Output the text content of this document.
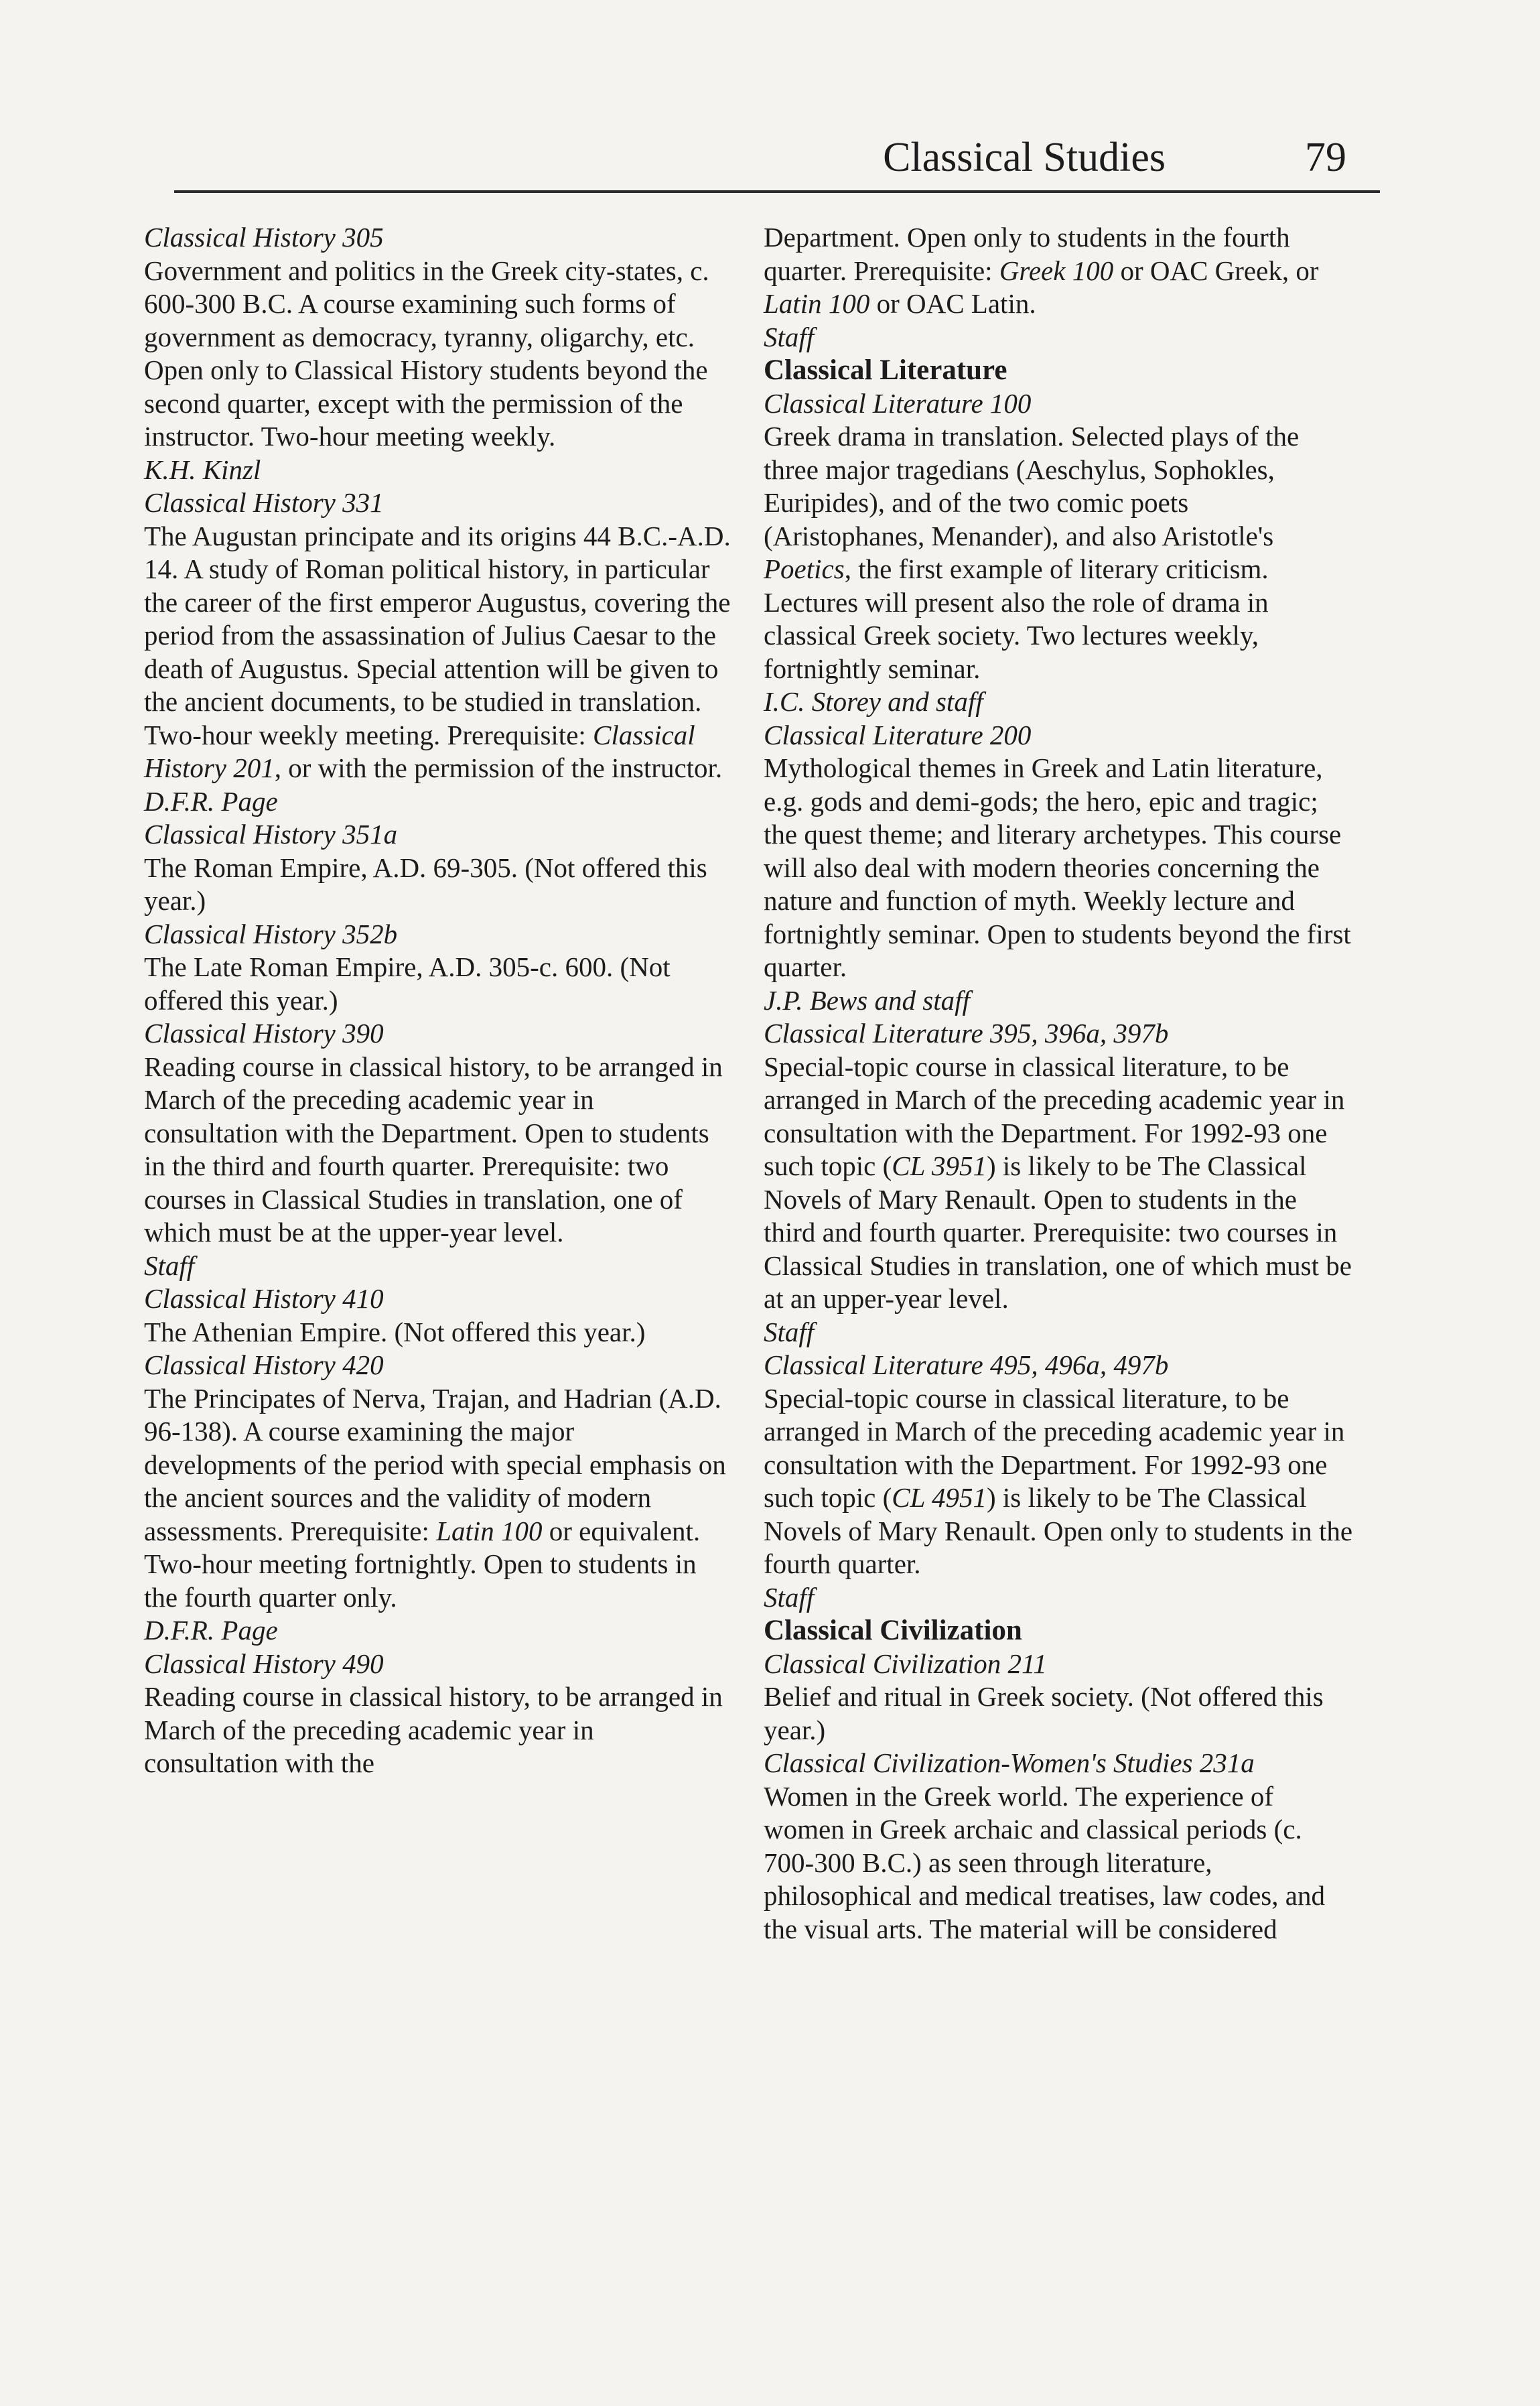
Classical Studies	79

Classical History 305

Government and politics in the Greek city-states, c. 600-300 B.C. A course examining such forms of government as democracy, tyranny, oligarchy, etc. Open only to Classical History students beyond the second quarter, except with the permission of the instructor. Two-hour meeting weekly.
K.H. Kinzl

Classical History 331
The Augustan principate and its origins 44 B.C.-A.D. 14. A study of Roman political history, in particular the career of the first emperor Augustus, covering the period from the assassination of Julius Caesar to the death of Augustus. Special attention will be given to the ancient documents, to be studied in translation. Two-hour weekly meeting. Prerequisite: Classical History 201, or with the permission of the instructor.
D.F.R. Page

Classical History 351a

The Roman Empire, A.D. 69-305. (Not offered this year.)

Classical History 352b

The Late Roman Empire, A.D. 305-c. 600. (Not offered this year.)

Classical History 390

Reading course in classical history, to be arranged in March of the preceding academic year in consultation with the Department. Open to students in the third and fourth quarter. Prerequisite: two courses in Classical Studies in translation, one of which must be at the upper-year level.
Staff

Classical History 410

The Athenian Empire. (Not offered this year.)

Classical History 420
The Principates of Nerva, Trajan, and Hadrian (A.D. 96-138). A course examining the major developments of the period with special emphasis on the ancient sources and the validity of modern assessments. Prerequisite: Latin 100 or equivalent. Two-hour meeting fortnightly. Open to students in the fourth quarter only.
D.F.R. Page

Classical History 490

Reading course in classical history, to be arranged in March of the preceding academic year in consultation with the

Department. Open only to students in the fourth quarter. Prerequisite: Greek 100 or OAC Greek, or Latin 100 or OAC Latin.
Staff

Classical Literature

Classical Literature 100
Greek drama in translation. Selected plays of the three major tragedians (Aeschylus, Sophokles, Euripides), and of the two comic poets (Aristophanes, Menander), and also Aristotle's Poetics, the first example of literary criticism. Lectures will present also the role of drama in classical Greek society. Two lectures weekly, fortnightly seminar.
I.C. Storey and staff

Classical Literature 200

Mythological themes in Greek and Latin literature, e.g. gods and demi-gods; the hero, epic and tragic; the quest theme; and literary archetypes. This course will also deal with modern theories concerning the nature and function of myth. Weekly lecture and fortnightly seminar. Open to students beyond the first quarter.
J.P. Bews and staff

Classical Literature 395, 396a, 397b
Special-topic course in classical literature, to be arranged in March of the preceding academic year in consultation with the Department. For 1992-93 one such topic (CL 3951) is likely to be The Classical Novels of Mary Renault. Open to students in the third and fourth quarter. Prerequisite: two courses in Classical Studies in translation, one of which must be at an upper-year level.
Staff

Classical Literature 495, 496a, 497b
Special-topic course in classical literature, to be arranged in March of the preceding academic year in consultation with the Department. For 1992-93 one such topic (CL 4951) is likely to be The Classical Novels of Mary Renault. Open only to students in the fourth quarter.
Staff

Classical Civilization

Classical Civilization 211

Belief and ritual in Greek society. (Not offered this year.)

Classical Civilization-Women's Studies 231a

Women in the Greek world. The experience of women in Greek archaic and classical periods (c. 700-300 B.C.) as seen through literature, philosophical and medical treatises, law codes, and the visual arts. The material will be considered
